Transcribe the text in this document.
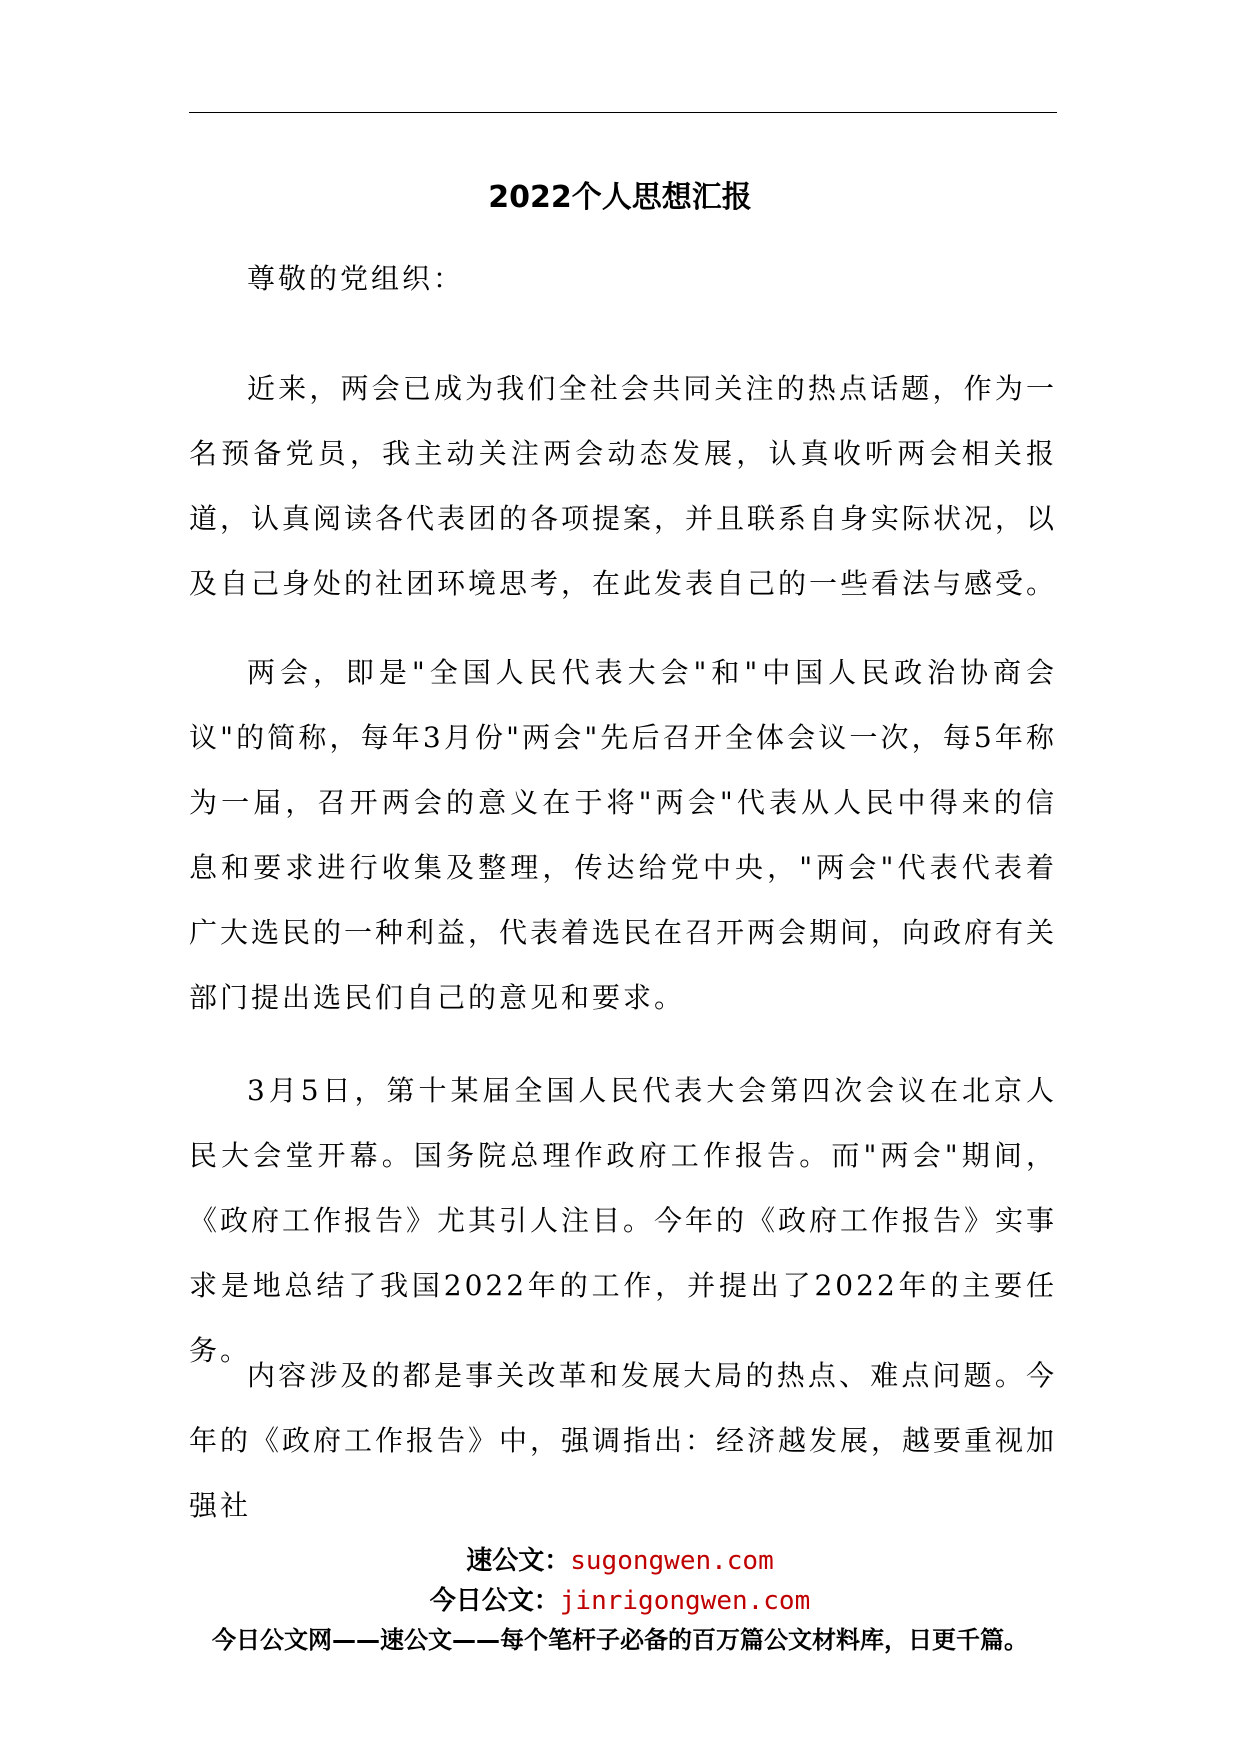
2022个人思想汇报

尊敬的党组织：

近来，两会已成为我们全社会共同关注的热点话题，作为一名预备党员，我主动关注两会动态发展，认真收听两会相关报道，认真阅读各代表团的各项提案，并且联系自身实际状况，以及自己身处的社团环境思考，在此发表自己的一些看法与感受。

两会，即是"全国人民代表大会"和"中国人民政治协商会议"的简称，每年3月份"两会"先后召开全体会议一次，每5年称为一届，召开两会的意义在于将"两会"代表从人民中得来的信息和要求进行收集及整理，传达给党中央，"两会"代表代表着广大选民的一种利益，代表着选民在召开两会期间，向政府有关部门提出选民们自己的意见和要求。

3月5日，第十某届全国人民代表大会第四次会议在北京人民大会堂开幕。国务院总理作政府工作报告。而"两会"期间，《政府工作报告》尤其引人注目。今年的《政府工作报告》实事求是地总结了我国2022年的工作，并提出了2022年的主要任务。

内容涉及的都是事关改革和发展大局的热点、难点问题。今年的《政府工作报告》中，强调指出：经济越发展，越要重视加强社

速公文：sugongwen.com
今日公文：jinrigongwen.com
今日公文网——速公文——每个笔杆子必备的百万篇公文材料库，日更千篇。
